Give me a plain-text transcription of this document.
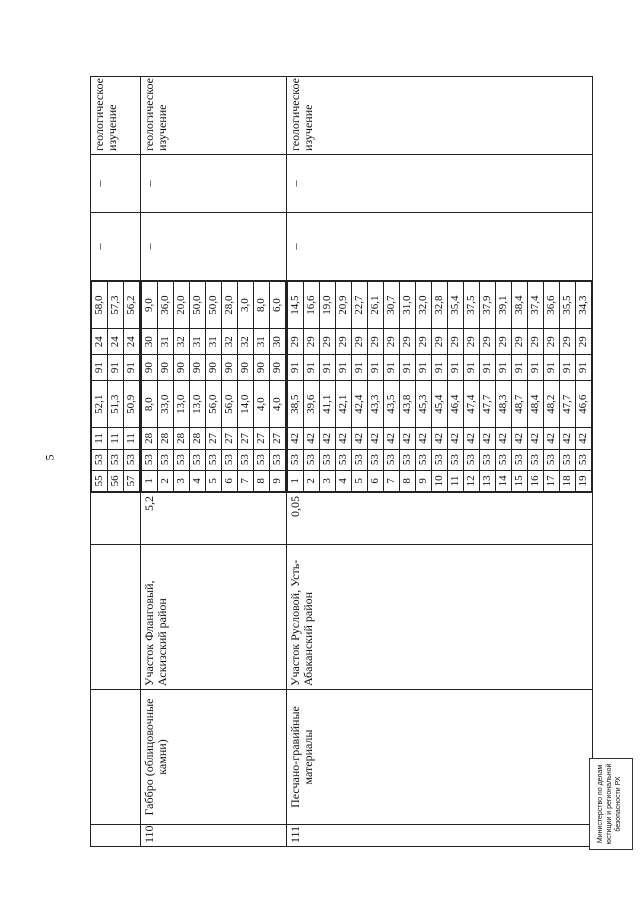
5

55	53	11	52,1	91	24	58,0
56	53	11	51,3	91	24	57,3
57	53	11	50,9	91	24	56,2
	–	–	геологическое изучение
110	Габбро (облицовочные камни)	Участок Фланговый, Аскизский район	5,2	
1	53	28	8,0	90	30	9,0
2	53	28	33,0	90	31	36,0
3	53	28	13,0	90	32	20,0
4	53	28	13,0	90	31	50,0
5	53	27	56,0	90	31	50,0
6	53	27	56,0	90	32	28,0
7	53	27	14,0	90	32	3,0
8	53	27	4,0	90	31	8,0
9	53	27	4,0	90	30	6,0
	–	–	геологическое изучение
111	Песчано-гравийные материалы	Участок Русловой, Усть-Абаканский район	0,05	
1	53	42	38,5	91	29	14,5
2	53	42	39,6	91	29	16,6
3	53	42	41,1	91	29	19,0
4	53	42	42,1	91	29	20,9
5	53	42	42,4	91	29	22,7
6	53	42	43,3	91	29	26,1
7	53	42	43,5	91	29	30,7
8	53	42	43,8	91	29	31,0
9	53	42	45,3	91	29	32,0
10	53	42	45,4	91	29	32,8
11	53	42	46,4	91	29	35,4
12	53	42	47,4	91	29	37,5
13	53	42	47,7	91	29	37,9
14	53	42	48,3	91	29	39,1
15	53	42	48,7	91	29	38,4
16	53	42	48,4	91	29	37,4
17	53	42	48,2	91	29	36,6
18	53	42	47,7	91	29	35,5
19	53	42	46,6	91	29	34,3
	–	–	геологическое изучение
Министерство по делам юстиции и региональной безопасности РХ
